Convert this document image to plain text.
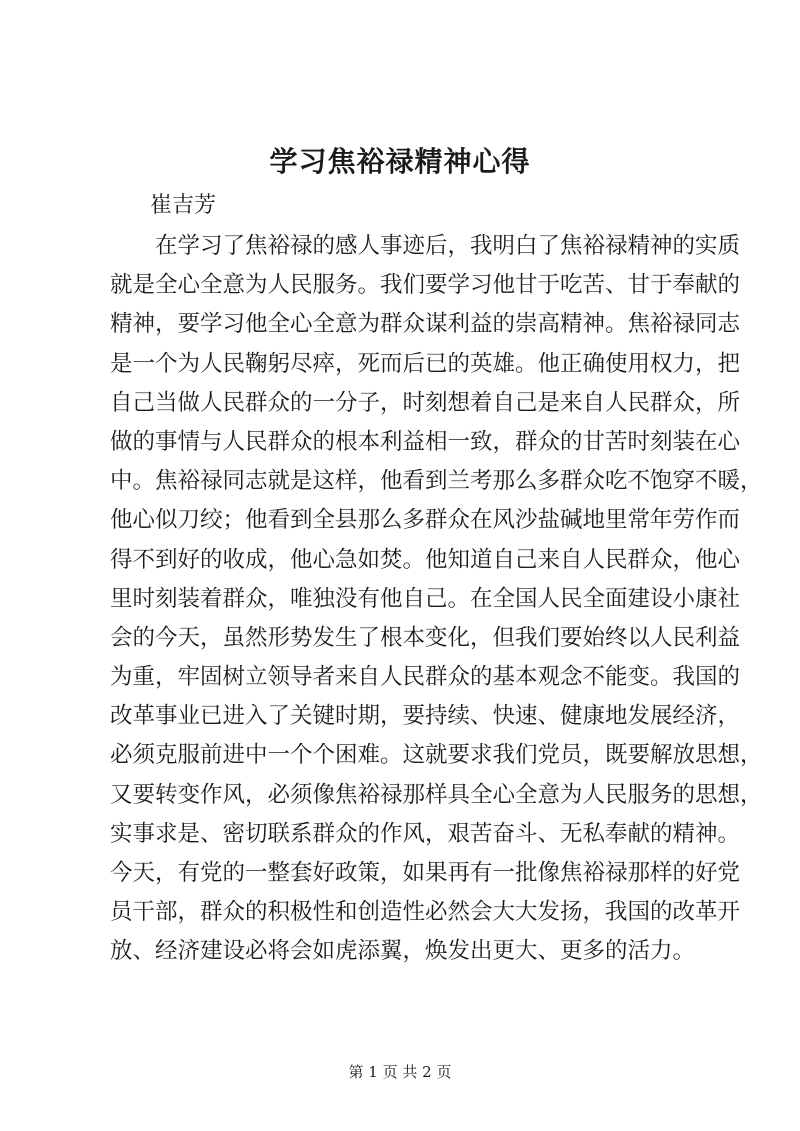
学习焦裕禄精神心得
崔吉芳
在学习了焦裕禄的感人事迹后，我明白了焦裕禄精神的实质
就是全心全意为人民服务。我们要学习他甘于吃苦、甘于奉献的
精神，要学习他全心全意为群众谋利益的崇高精神。焦裕禄同志
是一个为人民鞠躬尽瘁，死而后已的英雄。他正确使用权力，把
自己当做人民群众的一分子，时刻想着自己是来自人民群众，所
做的事情与人民群众的根本利益相一致，群众的甘苦时刻装在心
中。焦裕禄同志就是这样，他看到兰考那么多群众吃不饱穿不暖，
他心似刀绞；他看到全县那么多群众在风沙盐碱地里常年劳作而
得不到好的收成，他心急如焚。他知道自己来自人民群众，他心
里时刻装着群众，唯独没有他自己。在全国人民全面建设小康社
会的今天，虽然形势发生了根本变化，但我们要始终以人民利益
为重，牢固树立领导者来自人民群众的基本观念不能变。我国的
改革事业已进入了关键时期，要持续、快速、健康地发展经济，
必须克服前进中一个个困难。这就要求我们党员，既要解放思想，
又要转变作风，必须像焦裕禄那样具全心全意为人民服务的思想，
实事求是、密切联系群众的作风，艰苦奋斗、无私奉献的精神。
今天，有党的一整套好政策，如果再有一批像焦裕禄那样的好党
员干部，群众的积极性和创造性必然会大大发扬，我国的改革开
放、经济建设必将会如虎添翼，焕发出更大、更多的活力。
第 1 页 共 2 页
